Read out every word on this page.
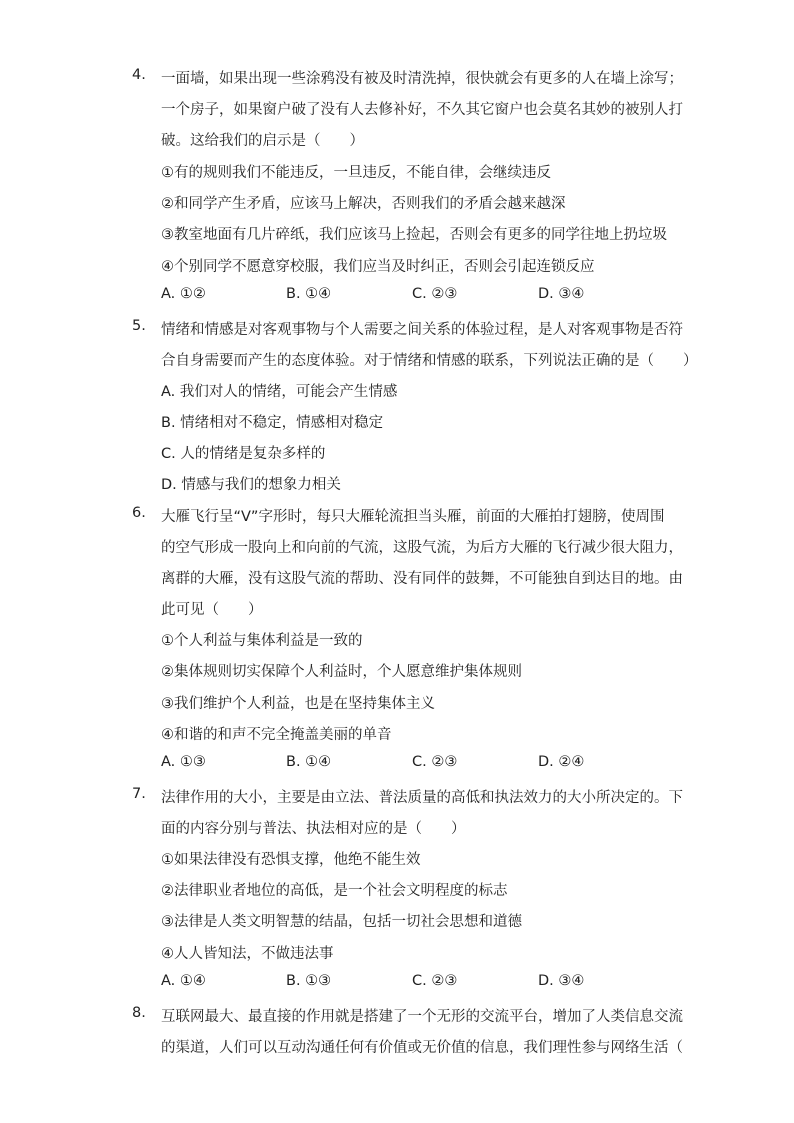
4.	一面墙，如果出现一些涂鸦没有被及时清洗掉，很快就会有更多的人在墙上涂写；
一个房子，如果窗户破了没有人去修补好，不久其它窗户也会莫名其妙的被别人打
破。这给我们的启示是（　　）
①有的规则我们不能违反，一旦违反，不能自律，会继续违反
②和同学产生矛盾，应该马上解决，否则我们的矛盾会越来越深
③教室地面有几片碎纸，我们应该马上捡起，否则会有更多的同学往地上扔垃圾
④个别同学不愿意穿校服，我们应当及时纠正，否则会引起连锁反应
A. ①②	B. ①④	C. ②③	D. ③④
5.	情绪和情感是对客观事物与个人需要之间关系的体验过程，是人对客观事物是否符
合自身需要而产生的态度体验。对于情绪和情感的联系，下列说法正确的是（　　）
A. 我们对人的情绪，可能会产生情感
B. 情绪相对不稳定，情感相对稳定
C. 人的情绪是复杂多样的
D. 情感与我们的想象力相关
6.	大雁飞行呈“V”字形时，每只大雁轮流担当头雁，前面的大雁拍打翅膀，使周围
的空气形成一股向上和向前的气流，这股气流，为后方大雁的飞行减少很大阻力，
离群的大雁，没有这股气流的帮助、没有同伴的鼓舞，不可能独自到达目的地。由
此可见（　　）
①个人利益与集体利益是一致的
②集体规则切实保障个人利益时，个人愿意维护集体规则
③我们维护个人利益，也是在坚持集体主义
④和谐的和声不完全掩盖美丽的单音
A. ①③	B. ①④	C. ②③	D. ②④
7.	法律作用的大小，主要是由立法、普法质量的高低和执法效力的大小所决定的。下
面的内容分别与普法、执法相对应的是（　　）
①如果法律没有恐惧支撑，他绝不能生效
②法律职业者地位的高低，是一个社会文明程度的标志
③法律是人类文明智慧的结晶，包括一切社会思想和道德
④人人皆知法，不做违法事
A. ①④	B. ①③	C. ②③	D. ③④
8.	互联网最大、最直接的作用就是搭建了一个无形的交流平台，增加了人类信息交流
的渠道，人们可以互动沟通任何有价值或无价值的信息，我们理性参与网络生活（
